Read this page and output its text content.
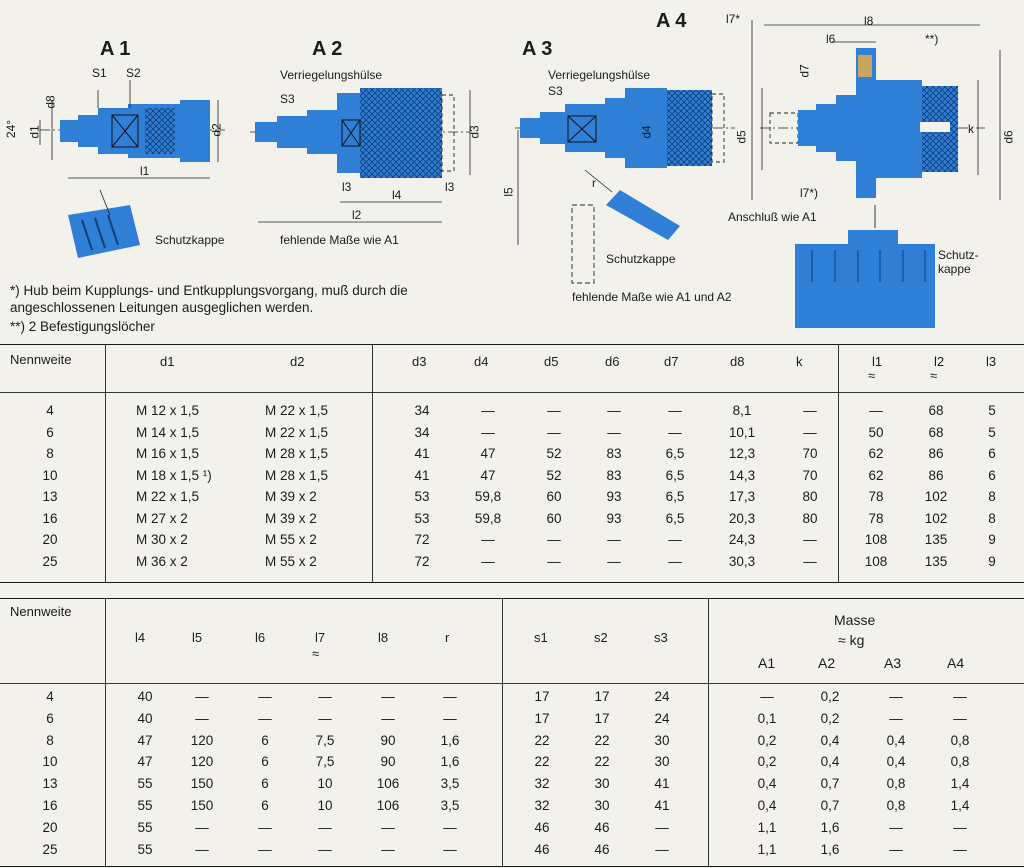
A 1	A 2	A 3
A 4
S1 S2
d8
d1	d2
24°
l1
Schutzkappe
Verriegelungshülse
S3
d3
l3	l3
l4
l2
fehlende Maße wie A1
Verriegelungshülse
S3
d4
l5
r
Schutzkappe
fehlende Maße wie A1 und A2
l7*	l8
l6	**)
d7
d5	d6
k
l7*)
Anschluß wie A1
Schutz-kappe
*) Hub beim Kupplungs- und Entkupplungsvorgang, muß durch die angeschlossenen Leitungen ausgeglichen werden.
**) 2 Befestigungslöcher
Nennweite	d1	d2	d3	d4	d5	d6	d7	d8	k	l1
≈
l2
≈
l3
4	M 12 x 1,5	M 22 x 1,5	34	—	—	—	—	8,1	—	—	68	5
6	M 14 x 1,5	M 22 x 1,5	34	—	—	—	—	10,1	—	50	68	5
8	M 16 x 1,5	M 28 x 1,5	41	47	52	83	6,5	12,3	70	62	86	6
10	M 18 x 1,5 ¹)	M 28 x 1,5	41	47	52	83	6,5	14,3	70	62	86	6
13	M 22 x 1,5	M 39 x 2	53	59,8	60	93	6,5	17,3	80	78	102	8
16	M 27 x 2	M 39 x 2	53	59,8	60	93	6,5	20,3	80	78	102	8
20	M 30 x 2	M 55 x 2	72	—	—	—	—	24,3	—	108	135	9
25	M 36 x 2	M 55 x 2	72	—	—	—	—	30,3	—	108	135	9
Nennweite
l4	l5	l6	l7
≈
l8	r	s1	s2	s3
Masse
≈ kg
A1	A2	A3	A4
4	40	—	—	—	—	—	17	17	24	—	0,2	—	—
6	40	—	—	—	—	—	17	17	24	0,1	0,2	—	—
8	47	120	6	7,5	90	1,6	22	22	30	0,2	0,4	0,4	0,8
10	47	120	6	7,5	90	1,6	22	22	30	0,2	0,4	0,4	0,8
13	55	150	6	10	106	3,5	32	30	41	0,4	0,7	0,8	1,4
16	55	150	6	10	106	3,5	32	30	41	0,4	0,7	0,8	1,4
20	55	—	—	—	—	—	46	46	—	1,1	1,6	—	—
25	55	—	—	—	—	—	46	46	—	1,1	1,6	—	—
